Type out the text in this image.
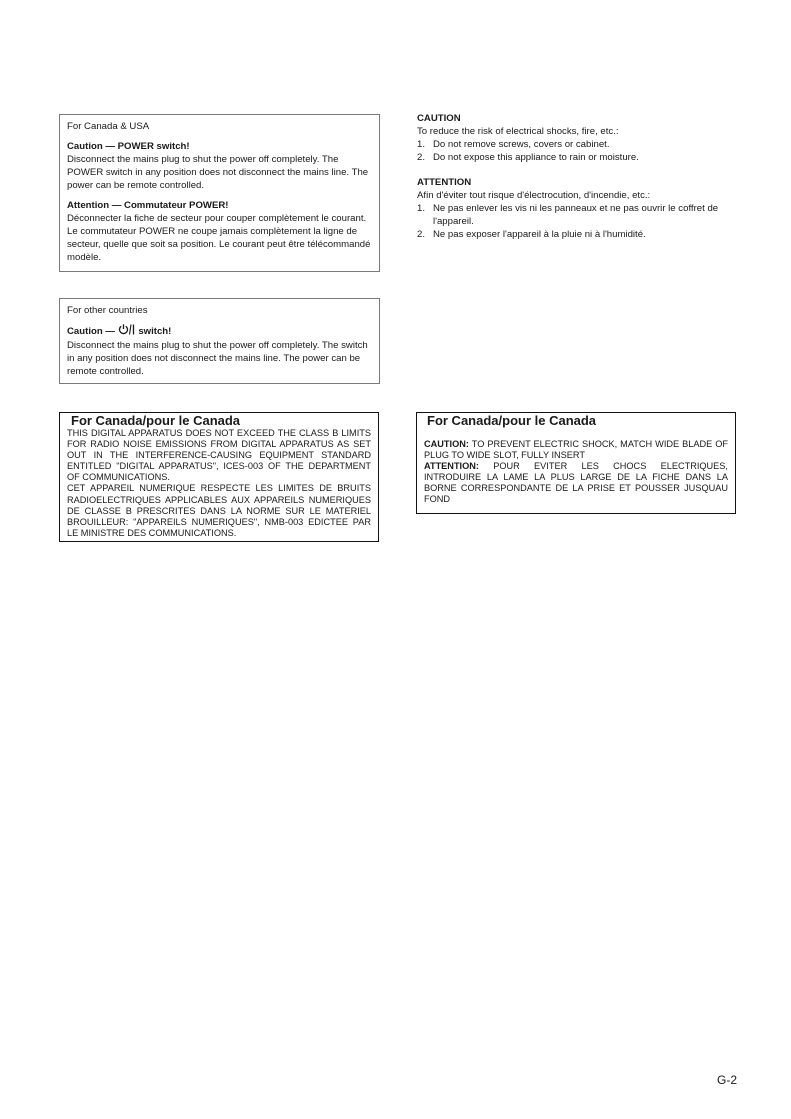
For Canada & USA
Caution — POWER switch!
Disconnect the mains plug to shut the power off completely. The POWER switch in any position does not disconnect the mains line. The power can be remote controlled.
Attention — Commutateur POWER!
Déconnecter la fiche de secteur pour couper complètement le courant. Le commutateur POWER ne coupe jamais complètement la ligne de secteur, quelle que soit sa position. Le courant peut être télécommandé modèle.
For other countries
Caution — switch!
Disconnect the mains plug to shut the power off completely. The switch in any position does not disconnect the mains line. The power can be remote controlled.
For Canada/pour le Canada
THIS DIGITAL APPARATUS DOES NOT EXCEED THE CLASS B LIMITS FOR RADIO NOISE EMISSIONS FROM DIGITAL APPARATUS AS SET OUT IN THE INTERFERENCE-CAUSING EQUIPMENT STANDARD ENTITLED "DIGITAL APPARATUS", ICES-003 OF THE DEPARTMENT OF COMMUNICATIONS.
CET APPAREIL NUMERIQUE RESPECTE LES LIMITES DE BRUITS RADIOELECTRIQUES APPLICABLES AUX APPAREILS NUMERIQUES DE CLASSE B PRESCRITES DANS LA NORME SUR LE MATERIEL BROUILLEUR: "APPAREILS NUMERIQUES", NMB-003 EDICTEE PAR LE MINISTRE DES COMMUNICATIONS.
CAUTION
To reduce the risk of electrical shocks, fire, etc.:
1. Do not remove screws, covers or cabinet.
2. Do not expose this appliance to rain or moisture.
ATTENTION
Afin d'éviter tout risque d'électrocution, d'incendie, etc.:
1. Ne pas enlever les vis ni les panneaux et ne pas ouvrir le coffret de l'appareil.
2. Ne pas exposer l'appareil à la pluie ni à l'humidité.
For Canada/pour le Canada
CAUTION: TO PREVENT ELECTRIC SHOCK, MATCH WIDE BLADE OF PLUG TO WIDE SLOT, FULLY INSERT
ATTENTION: POUR EVITER LES CHOCS ELECTRIQUES, INTRODUIRE LA LAME LA PLUS LARGE DE LA FICHE DANS LA BORNE CORRESPONDANTE DE LA PRISE ET POUSSER JUSQUAU FOND
G-2
